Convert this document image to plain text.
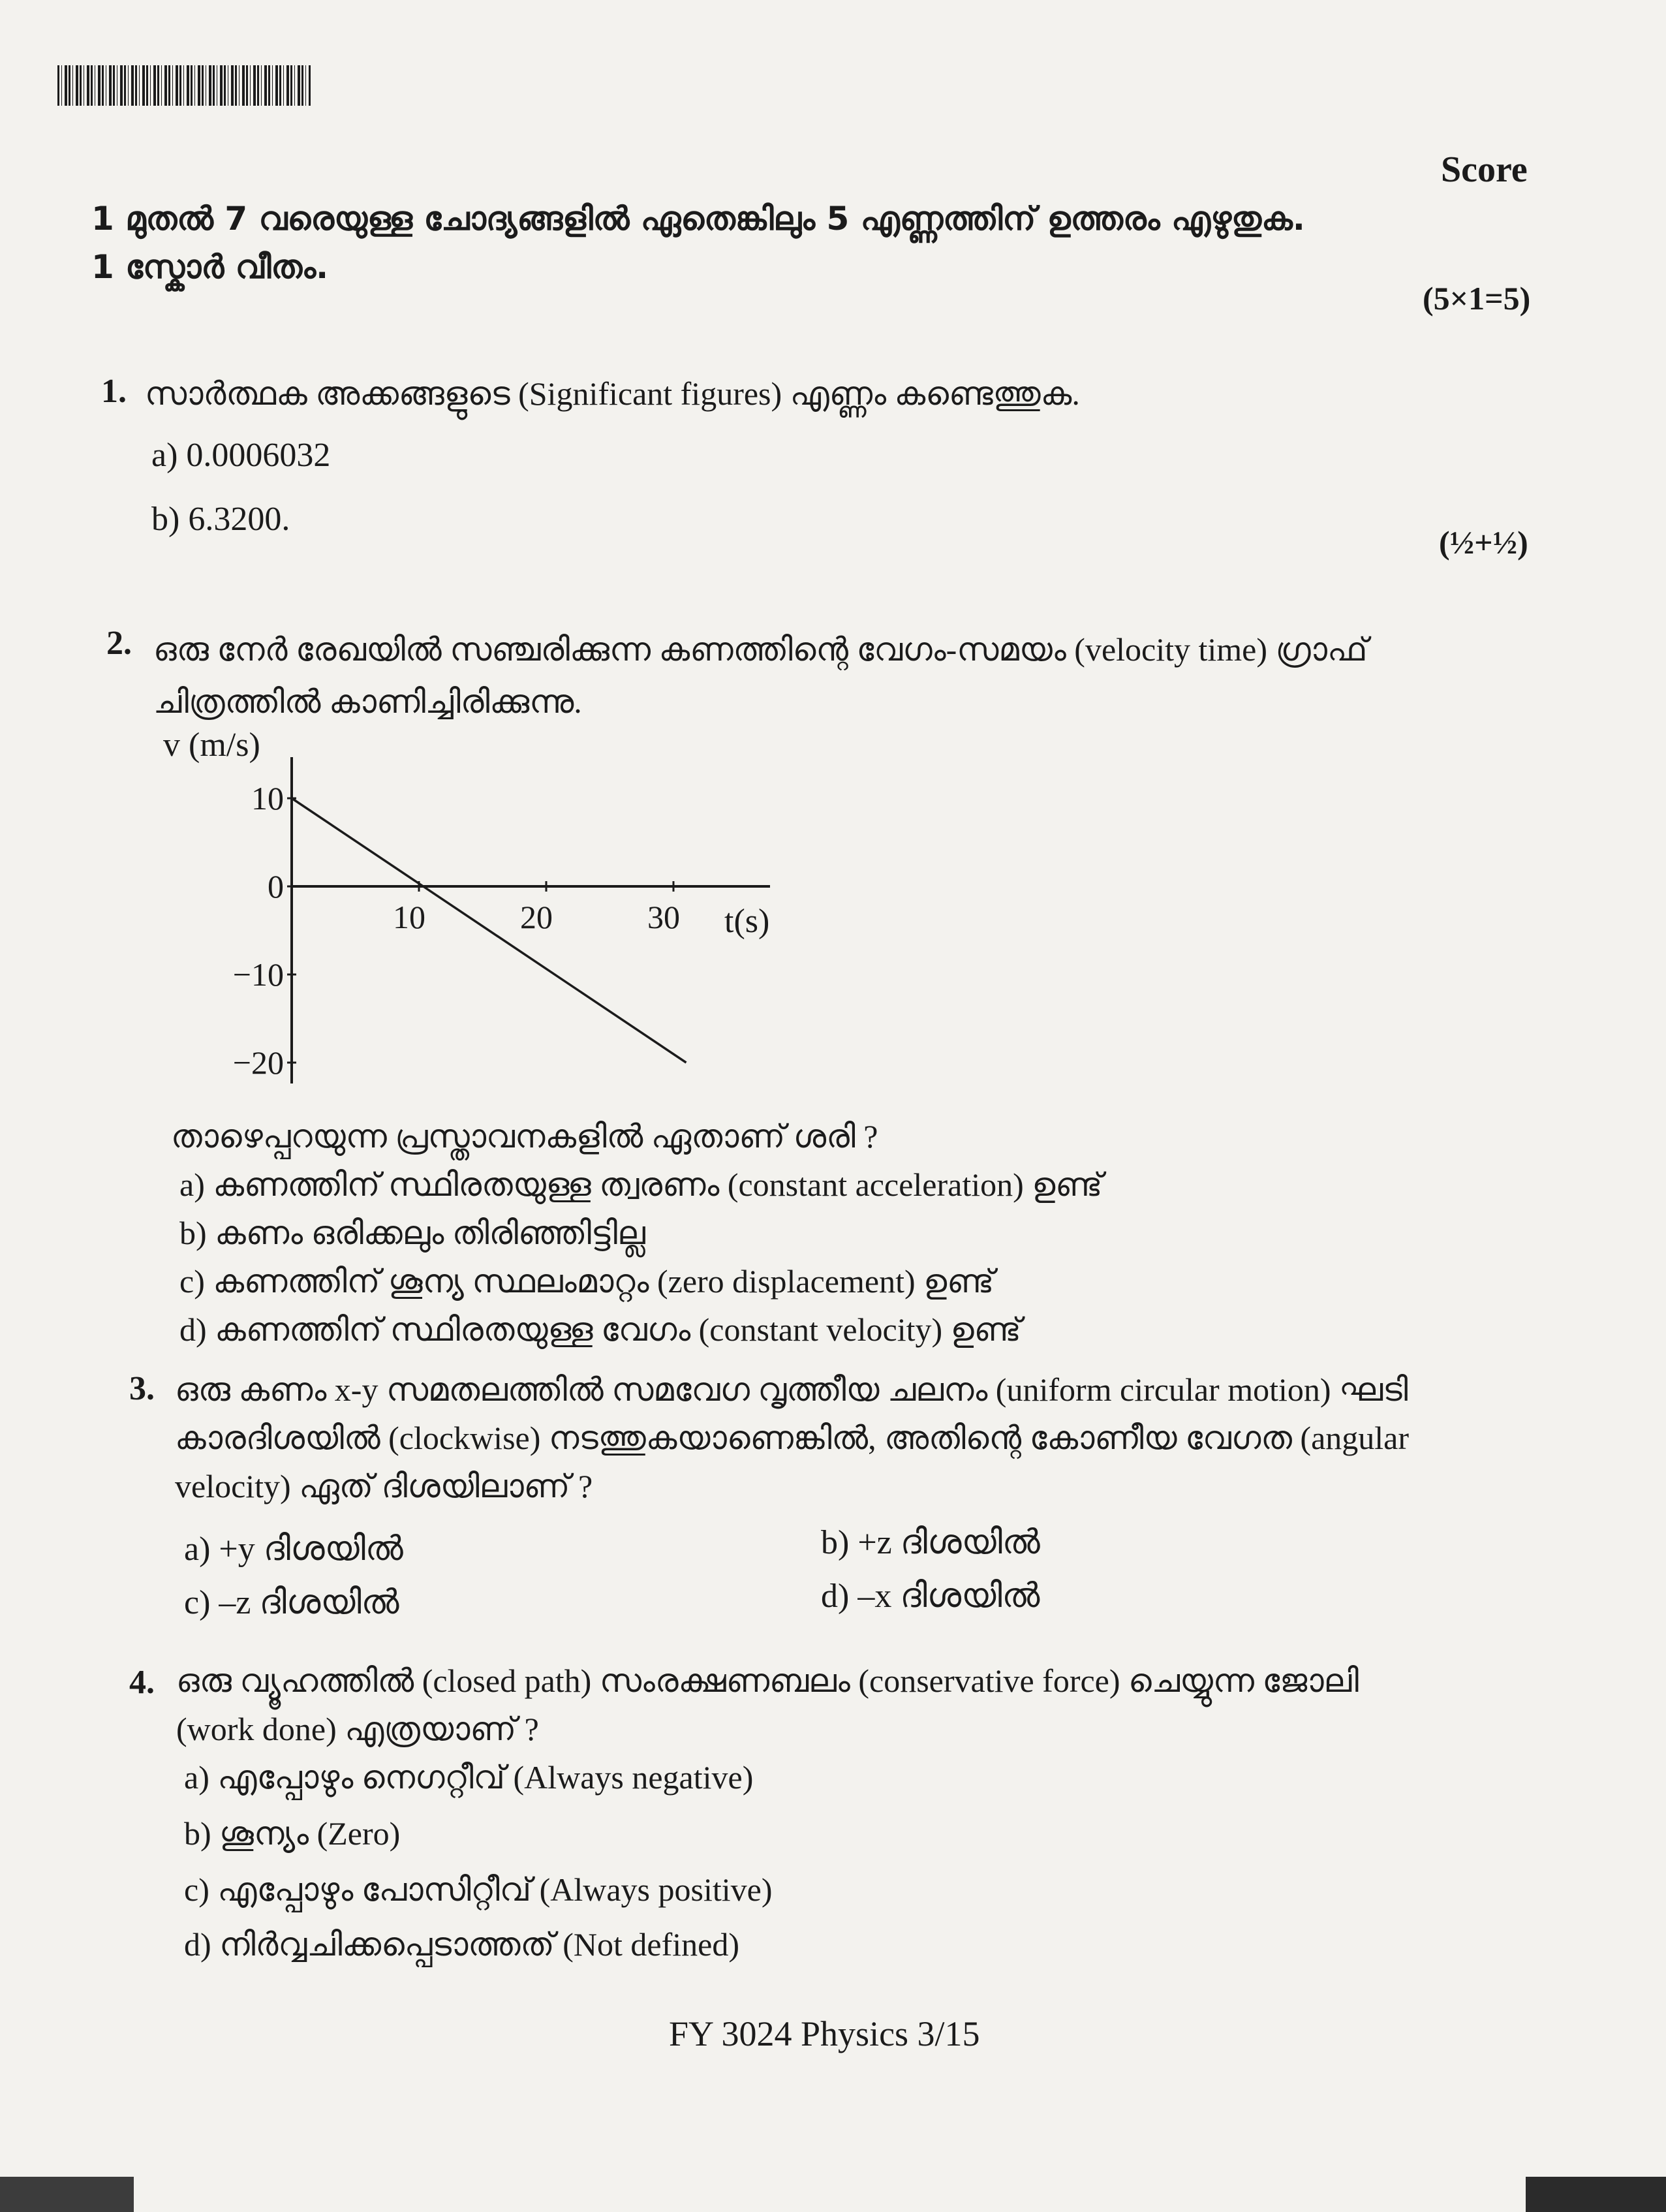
Score
1 മുതൽ 7 വരെയുള്ള ചോദ്യങ്ങളിൽ ഏതെങ്കിലും 5 എണ്ണത്തിന് ഉത്തരം എഴുതുക.
1 സ്കോർ വീതം.
(5×1=5)
1. സാർത്ഥക അക്കങ്ങളുടെ (Significant figures) എണ്ണം കണ്ടെത്തുക.
a) 0.0006032
b) 6.3200.
(½+½)
2. ഒരു നേർ രേഖയിൽ സഞ്ചരിക്കുന്ന കണത്തിന്റെ വേഗം-സമയം (velocity time) ഗ്രാഫ്
ചിത്രത്തിൽ കാണിച്ചിരിക്കുന്നു.
v (m/s)
t(s)
10
0
−10
−20
10	20	30
താഴെപ്പറയുന്ന പ്രസ്താവനകളിൽ ഏതാണ് ശരി ?
a) കണത്തിന് സ്ഥിരതയുള്ള ത്വരണം (constant acceleration) ഉണ്ട്
b) കണം ഒരിക്കലും തിരിഞ്ഞിട്ടില്ല
c) കണത്തിന് ശൂന്യ സ്ഥലംമാറ്റം (zero displacement) ഉണ്ട്
d) കണത്തിന് സ്ഥിരതയുള്ള വേഗം (constant velocity) ഉണ്ട്
3. ഒരു കണം x-y സമതലത്തിൽ സമവേഗ വൃത്തീയ ചലനം (uniform circular motion) ഘടി
കാരദിശയിൽ (clockwise) നടത്തുകയാണെങ്കിൽ, അതിന്റെ കോണീയ വേഗത (angular
velocity) ഏത് ദിശയിലാണ് ?
a) +y ദിശയിൽ	b) +z ദിശയിൽ
c) –z ദിശയിൽ	d) –x ദിശയിൽ
4. ഒരു വ്യൂഹത്തിൽ (closed path) സംരക്ഷണബലം (conservative force) ചെയ്യുന്ന ജോലി
(work done) എത്രയാണ് ?
a) എപ്പോഴും നെഗറ്റീവ് (Always negative)
b) ശൂന്യം (Zero)
c) എപ്പോഴും പോസിറ്റീവ് (Always positive)
d) നിർവ്വചിക്കപ്പെടാത്തത് (Not defined)
FY 3024 Physics 3/15
